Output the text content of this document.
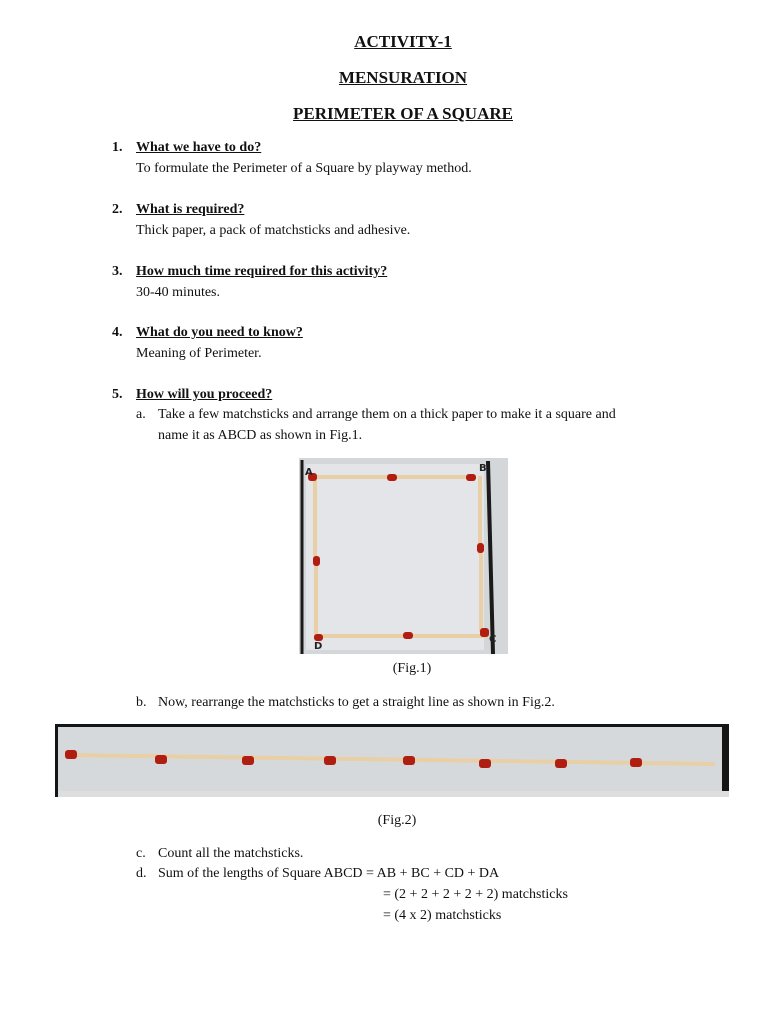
ACTIVITY-1
MENSURATION
PERIMETER OF A SQUARE
1. What we have to do?
To formulate the Perimeter of a Square by playway method.
2. What is required?
Thick paper, a pack of matchsticks and adhesive.
3. How much time required for this activity?
30-40 minutes.
4. What do you need to know?
Meaning of Perimeter.
5. How will you proceed?
a. Take a few matchsticks and arrange them on a thick paper to make it a square and
name it as ABCD as shown in Fig.1.
A	B
C
D
(Fig.1)
b. Now, rearrange the matchsticks to get a straight line as shown in Fig.2.
(Fig.2)
c. Count all the matchsticks.
d. Sum of the lengths of Square ABCD = AB + BC + CD + DA
= (2 + 2 + 2 + 2 + 2) matchsticks
= (4 x 2) matchsticks
